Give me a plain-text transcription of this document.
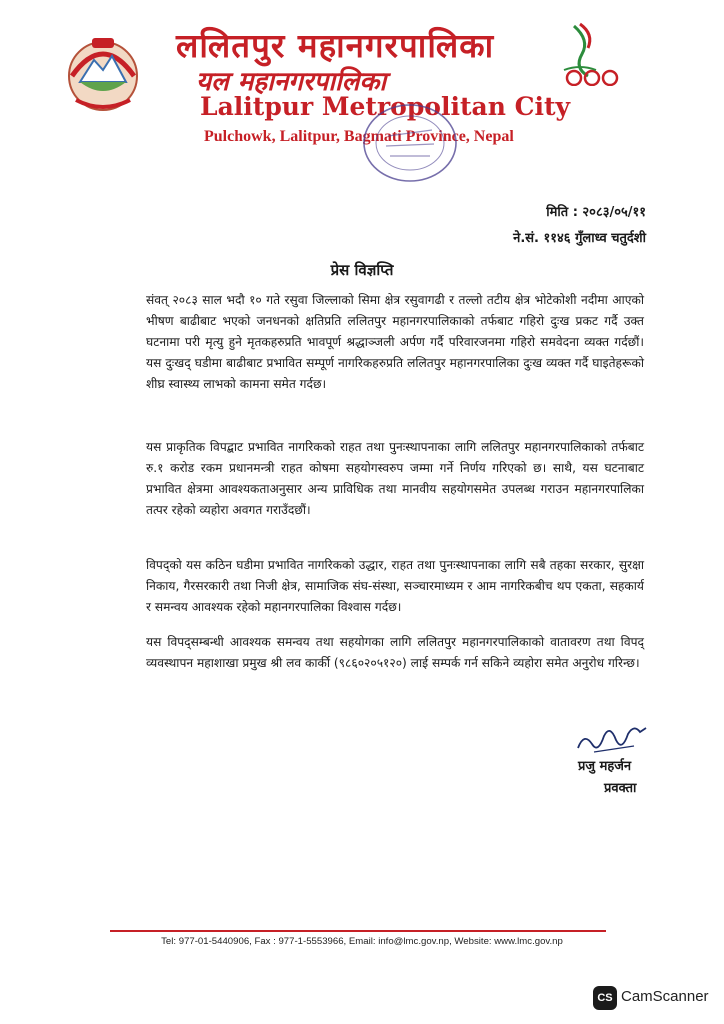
ललितपुर महानगरपालिका
यल महानगरपालिका
Lalitpur Metropolitan City
Pulchowk, Lalitpur, Bagmati Province, Nepal
मिति : २०८३/०५/११
ने.सं. ११४६ गुँलाध्व चतुर्दशी
प्रेस विज्ञप्ति

संवत् २०८३ साल भदौ १० गते रसुवा जिल्लाको सिमा क्षेत्र रसुवागढी र तल्लो तटीय क्षेत्र भोटेकोशी नदीमा आएको भीषण बाढीबाट भएको जनधनको क्षतिप्रति ललितपुर महानगरपालिकाको तर्फबाट गहिरो दुःख प्रकट गर्दै उक्त घटनामा परी मृत्यु हुने मृतकहरुप्रति भावपूर्ण श्रद्धाञ्जली अर्पण गर्दै परिवारजनमा गहिरो समवेदना व्यक्त गर्दछौं। यस दुःखद् घडीमा बाढीबाट प्रभावित सम्पूर्ण नागरिकहरुप्रति ललितपुर महानगरपालिका दुःख व्यक्त गर्दै घाइतेहरूको शीघ्र स्वास्थ्य लाभको कामना समेत गर्दछ।

यस प्राकृतिक विपद्बाट प्रभावित नागरिकको राहत तथा पुनःस्थापनाका लागि ललितपुर महानगरपालिकाको तर्फबाट रु.१ करोड रकम प्रधानमन्त्री राहत कोषमा सहयोगस्वरुप जम्मा गर्ने निर्णय गरिएको छ। साथै, यस घटनाबाट प्रभावित क्षेत्रमा आवश्यकताअनुसार अन्य प्राविधिक तथा मानवीय सहयोगसमेत उपलब्ध गराउन महानगरपालिका तत्पर रहेको व्यहोरा अवगत गराउँदछौं।

विपद्को यस कठिन घडीमा प्रभावित नागरिकको उद्धार, राहत तथा पुनःस्थापनाका लागि सबै तहका सरकार, सुरक्षा निकाय, गैरसरकारी तथा निजी क्षेत्र, सामाजिक संघ-संस्था, सञ्चारमाध्यम र आम नागरिकबीच थप एकता, सहकार्य र समन्वय आवश्यक रहेको महानगरपालिका विश्वास गर्दछ।

यस विपद्सम्बन्धी आवश्यक समन्वय तथा सहयोगका लागि ललितपुर महानगरपालिकाको वातावरण तथा विपद् व्यवस्थापन महाशाखा प्रमुख श्री लव कार्की (९८६०२०५१२०) लाई सम्पर्क गर्न सकिने व्यहोरा समेत अनुरोध गरिन्छ।

प्रजु महर्जन
प्रवक्ता
Tel: 977-01-5440906, Fax : 977-1-5553966, Email: info@lmc.gov.np, Website: www.lmc.gov.np
CS CamScanner
